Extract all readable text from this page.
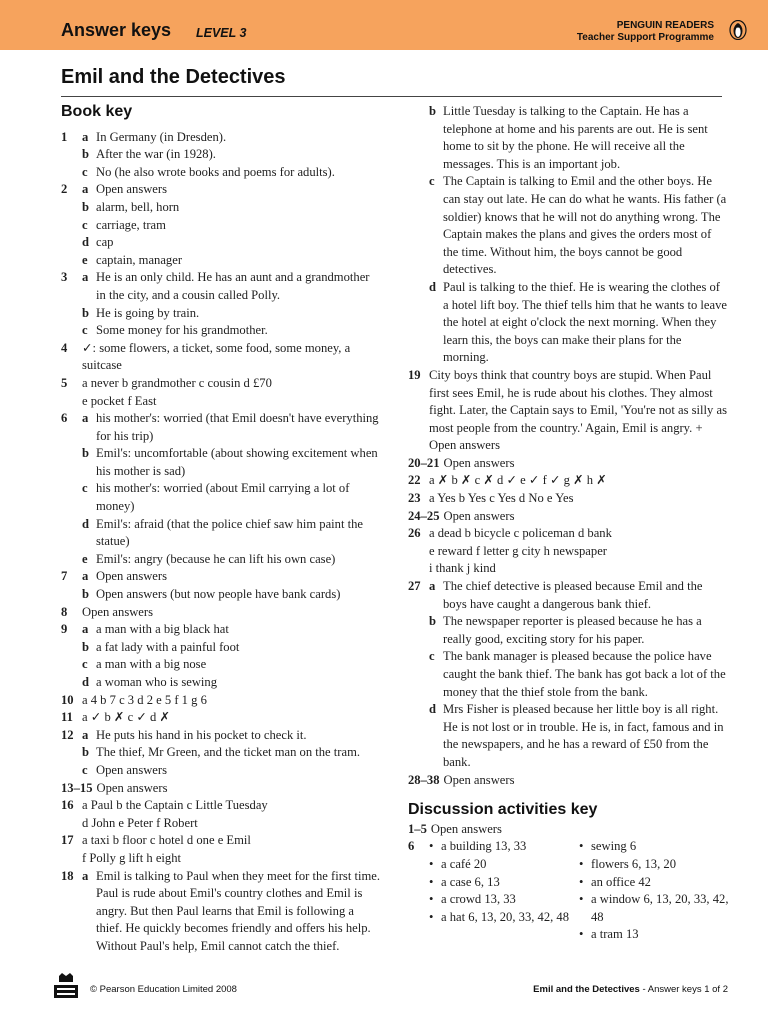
Answer keys LEVEL 3
PENGUIN READERS
Teacher Support Programme
Emil and the Detectives
Book key
1	a In Germany (in Dresden).
b After the war (in 1928).
c No (he also wrote books and poems for adults).
2	a Open answers
b alarm, bell, horn
c carriage, tram
d cap
e captain, manager
3	a He is an only child. He has an aunt and a grandmother in the city, and a cousin called Polly.
b He is going by train.
c Some money for his grandmother.
4	✓: some flowers, a ticket, some food, some money, a suitcase
5	a never b grandmother c cousin d £70
e pocket f East
6	a his mother's: worried (that Emil doesn't have everything for his trip)
b Emil's: uncomfortable (about showing excitement when his mother is sad)
c his mother's: worried (about Emil carrying a lot of money)
d Emil's: afraid (that the police chief saw him paint the statue)
e Emil's: angry (because he can lift his own case)
7	a Open answers
b Open answers (but now people have bank cards)
8	Open answers
9	a a man with a big black hat
b a fat lady with a painful foot
c a man with a big nose
d a woman who is sewing
10 a 4 b 7 c 3 d 2 e 5 f 1 g 6
11 a ✓ b ✗ c ✓ d ✗
12 a He puts his hand in his pocket to check it.
b The thief, Mr Green, and the ticket man on the tram.
c Open answers
13–15 Open answers
16 a Paul b the Captain c Little Tuesday
d John e Peter f Robert
17 a taxi b floor c hotel d one e Emil
f Polly g lift h eight
18 a Emil is talking to Paul when they meet for the first time. Paul is rude about Emil's country clothes and Emil is angry. But then Paul learns that Emil is following a thief. He quickly becomes friendly and offers his help. Without Paul's help, Emil cannot catch the thief.
b Little Tuesday is talking to the Captain. He has a telephone at home and his parents are out. He is sent home to sit by the phone. He will receive all the messages. This is an important job.
c The Captain is talking to Emil and the other boys. He can stay out late. He can do what he wants. His father (a soldier) knows that he will not do anything wrong. The Captain makes the plans and gives the orders most of the time. Without him, the boys cannot be good detectives.
d Paul is talking to the thief. He is wearing the clothes of a hotel lift boy. The thief tells him that he wants to leave the hotel at eight o'clock the next morning. When they learn this, the boys can make their plans for the morning.
19 City boys think that country boys are stupid. When Paul first sees Emil, he is rude about his clothes. They almost fight. Later, the Captain says to Emil, 'You're not as silly as most people from the country.' Again, Emil is angry. + Open answers
20–21 Open answers
22 a ✗ b ✗ c ✗ d ✓ e ✓ f ✓ g ✗ h ✗
23 a Yes b Yes c Yes d No e Yes
24–25 Open answers
26 a dead b bicycle c policeman d bank
e reward f letter g city h newspaper
i thank j kind
27 a The chief detective is pleased because Emil and the boys have caught a dangerous bank thief.
b The newspaper reporter is pleased because he has a really good, exciting story for his paper.
c The bank manager is pleased because the police have caught the bank thief. The bank has got back a lot of the money that the thief stole from the bank.
d Mrs Fisher is pleased because her little boy is all right. He is not lost or in trouble. He is, in fact, famous and in the newspapers, and he has a reward of £50 from the bank.
28–38 Open answers
Discussion activities key
1–5 Open answers
6	• a building 13, 33
• a café 20
• a case 6, 13
• a crowd 13, 33
• a hat 6, 13, 20, 33, 42, 48
• sewing 6
• flowers 6, 13, 20
• an office 42
• a window 6, 13, 20, 33, 42, 48
• a tram 13
© Pearson Education Limited 2008	Emil and the Detectives - Answer keys 1 of 2
